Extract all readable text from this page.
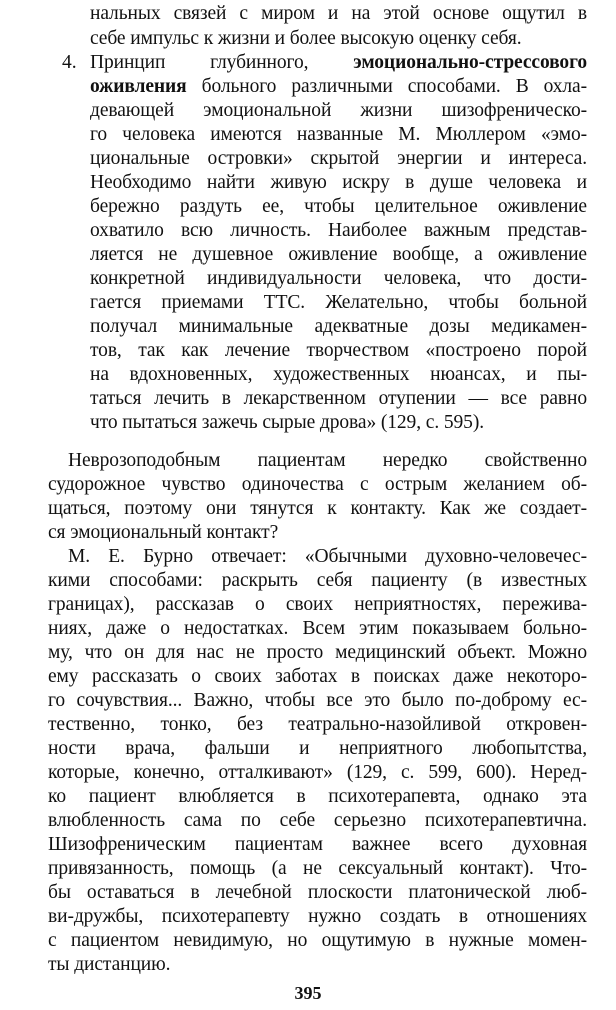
нальных связей с миром и на этой основе ощутил в
себе импульс к жизни и более высокую оценку себя.
4. Принцип глубинного, эмоционально-стрессового
оживления больного различными способами. В охла-
девающей эмоциональной жизни шизофреническо-
го человека имеются названные М. Мюллером «эмо-
циональные островки» скрытой энергии и интереса.
Необходимо найти живую искру в душе человека и
бережно раздуть ее, чтобы целительное оживление
охватило всю личность. Наиболее важным представ-
ляется не душевное оживление вообще, а оживление
конкретной индивидуальности человека, что дости-
гается приемами ТТС. Желательно, чтобы больной
получал минимальные адекватные дозы медикамен-
тов, так как лечение творчеством «построено порой
на вдохновенных, художественных нюансах, и пы-
таться лечить в лекарственном отупении — все равно
что пытаться зажечь сырые дрова» (129, с. 595).
Неврозоподобным пациентам нередко свойственно
судорожное чувство одиночества с острым желанием об-
щаться, поэтому они тянутся к контакту. Как же создает-
ся эмоциональный контакт?
М. Е. Бурно отвечает: «Обычными духовно-человечес-
кими способами: раскрыть себя пациенту (в известных
границах), рассказав о своих неприятностях, пережива-
ниях, даже о недостатках. Всем этим показываем больно-
му, что он для нас не просто медицинский объект. Можно
ему рассказать о своих заботах в поисках даже некоторо-
го сочувствия... Важно, чтобы все это было по-доброму ес-
тественно, тонко, без театрально-назойливой откровен-
ности врача, фальши и неприятного любопытства,
которые, конечно, отталкивают» (129, с. 599, 600). Неред-
ко пациент влюбляется в психотерапевта, однако эта
влюбленность сама по себе серьезно психотерапевтична.
Шизофреническим пациентам важнее всего духовная
привязанность, помощь (а не сексуальный контакт). Что-
бы оставаться в лечебной плоскости платонической люб-
ви-дружбы, психотерапевту нужно создать в отношениях
с пациентом невидимую, но ощутимую в нужные момен-
ты дистанцию.
395
